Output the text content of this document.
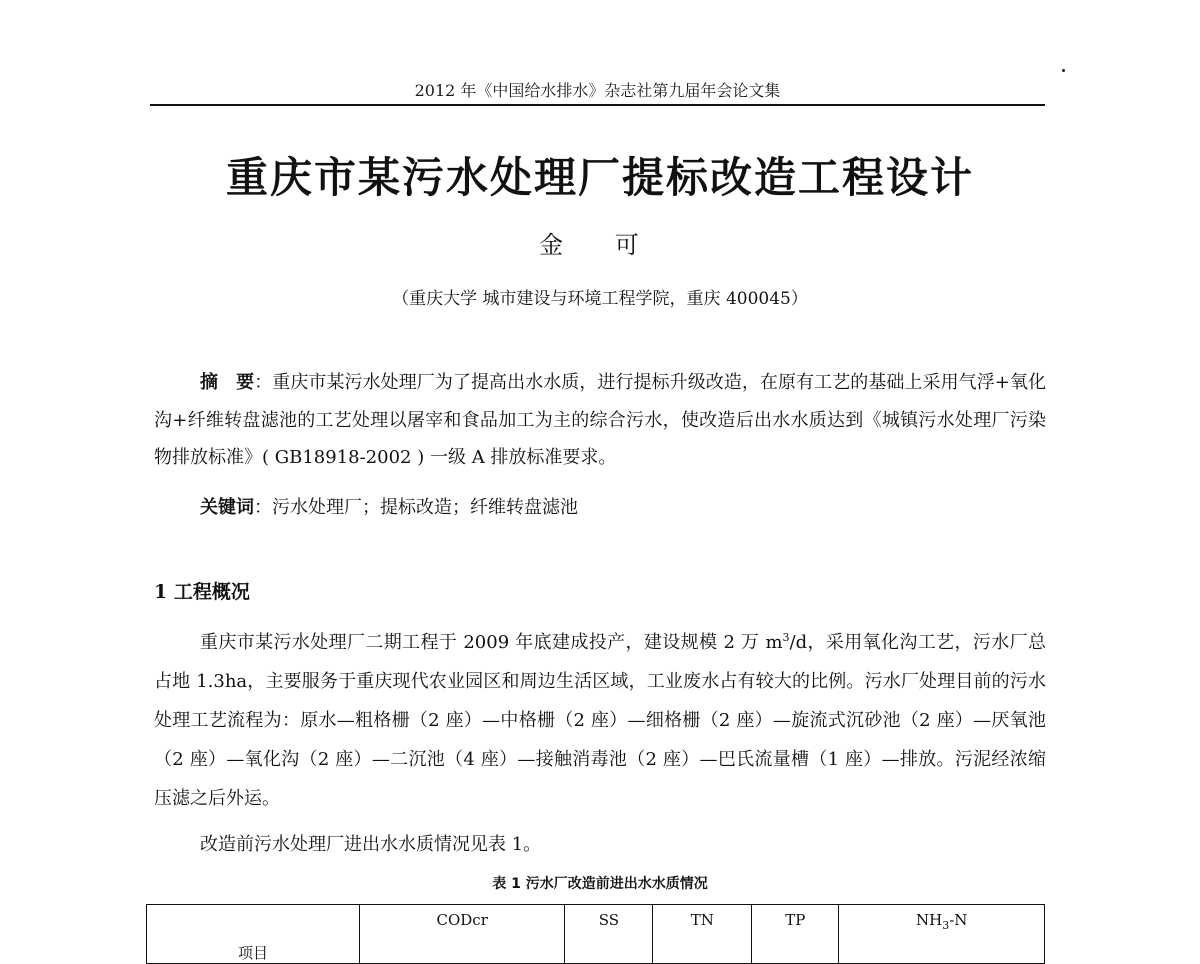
2012 年《中国给水排水》杂志社第九届年会论文集
重庆市某污水处理厂提标改造工程设计
金 可
（重庆大学 城市建设与环境工程学院，重庆 400045）
摘　要：重庆市某污水处理厂为了提高出水水质，进行提标升级改造，在原有工艺的基础上采用气浮+氧化沟+纤维转盘滤池的工艺处理以屠宰和食品加工为主的综合污水，使改造后出水水质达到《城镇污水处理厂污染物排放标准》( GB18918-2002 ) 一级 A 排放标准要求。
关键词：污水处理厂；提标改造；纤维转盘滤池
1 工程概况
重庆市某污水处理厂二期工程于 2009 年底建成投产，建设规模 2 万 $m^3/d$，采用氧化沟工艺，污水厂总占地 1.3ha，主要服务于重庆现代农业园区和周边生活区域，工业废水占有较大的比例。污水厂处理目前的污水处理工艺流程为：原水—粗格栅（2 座）—中格栅（2 座）—细格栅（2 座）—旋流式沉砂池（2 座）—厌氧池（2 座）—氧化沟（2 座）—二沉池（4 座）—接触消毒池（2 座）—巴氏流量槽（1 座）—排放。污泥经浓缩压滤之后外运。
改造前污水处理厂进出水水质情况见表 1。
表 1 污水厂改造前进出水水质情况
项目	CODcr	SS	TN	TP	$NH_3-N$
